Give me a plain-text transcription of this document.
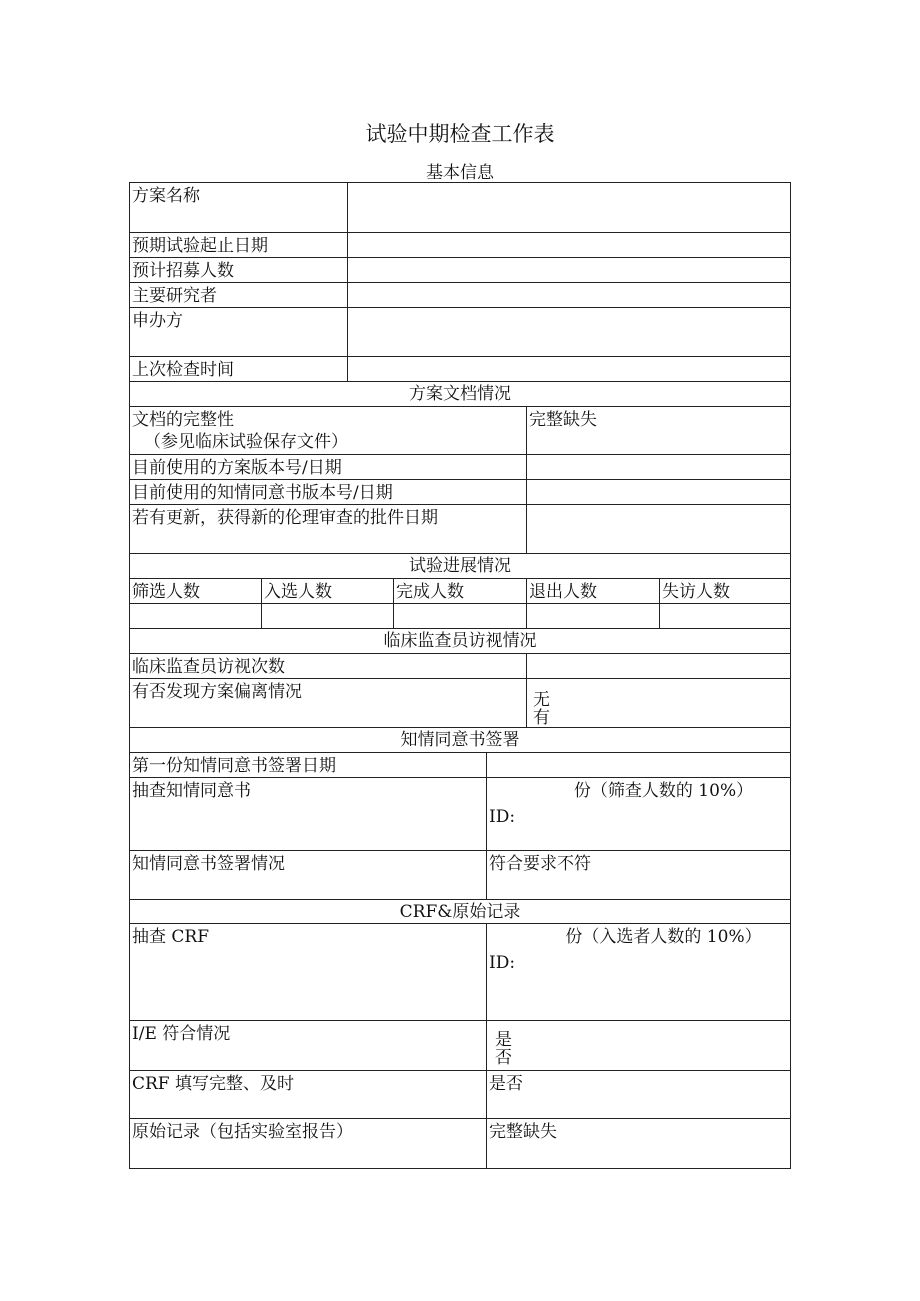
试验中期检查工作表
基本信息
方案名称						
预期试验起止日期						
预计招募人数						
主要研究者						
申办方						
上次检查时间						
方案文档情况						

文档的完整性
（参见临床试验保存文件）					完整缺失	
目前使用的方案版本号/日期						
目前使用的知情同意书版本号/日期						
若有更新，获得新的伦理审查的批件日期						
试验进展情况						
筛选人数	入选人数		完成人数		退出人数	失访人数

临床监查员访视情况						
临床监查员访视次数						
有否发现方案偏离情况					无
有	

知情同意书签署						
第一份知情同意书签署日期						
抽查知情同意书				份（筛查人数的 10%）
ID:		

知情同意书签署情况				符合要求不符		
CRF&原始记录						
抽查 CRF				份（入选者人数的 10%）
ID:		

I/E 符合情况				是
否		

CRF 填写完整、及时				是否		
原始记录（包括实验室报告）				完整缺失		
